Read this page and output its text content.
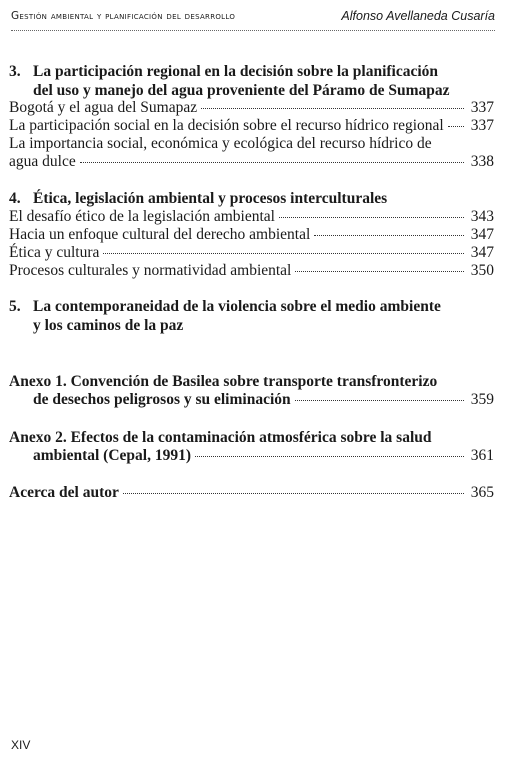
Gestión ambiental y planificación del desarrollo	Alfonso Avellaneda Cusaría
3. La participación regional en la decisión sobre la planificación
del uso y manejo del agua proveniente del Páramo de Sumapaz
Bogotá y el agua del Sumapaz	337
La participación social en la decisión sobre el recurso hídrico regional 337
La importancia social, económica y ecológica del recurso hídrico de
agua dulce	338
4. Ética, legislación ambiental y procesos interculturales
El desafío ético de la legislación ambiental	343
Hacia un enfoque cultural del derecho ambiental	347
Ética y cultura	347
Procesos culturales y normatividad ambiental	350
5. La contemporaneidad de la violencia sobre el medio ambiente
y los caminos de la paz
Anexo 1. Convención de Basilea sobre transporte transfronterizo
de desechos peligrosos y su eliminación	359
Anexo 2. Efectos de la contaminación atmosférica sobre la salud
ambiental (Cepal, 1991)	361
Acerca del autor	365
XIV
